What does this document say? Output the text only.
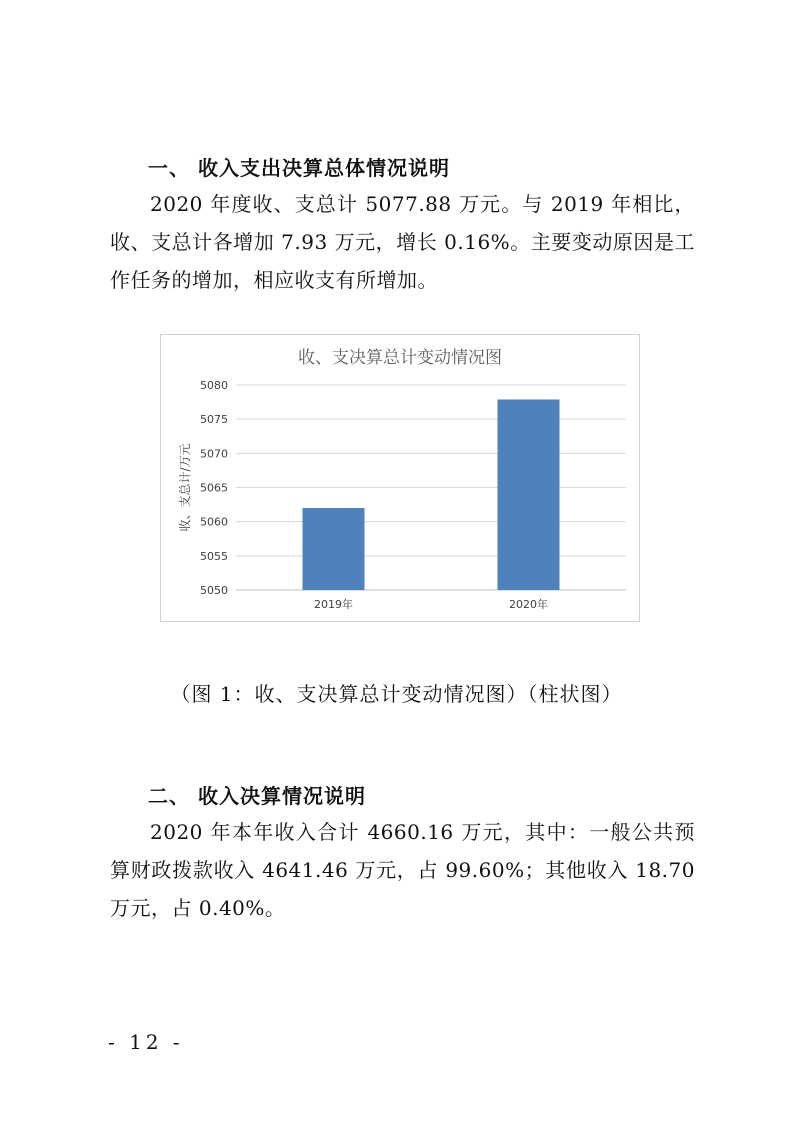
一、 收入支出决算总体情况说明

2020 年度收、支总计 5077.88 万元。与 2019 年相比，收、支总计各增加 7.93 万元，增长 0.16%。主要变动原因是工作任务的增加，相应收支有所增加。

收、支决算总计变动情况图
收、支总计/万元
5050
5055
5060
5065
5070
5075
5080
2019年	2020年
（图 1：收、支决算总计变动情况图）（柱状图）
二、 收入决算情况说明

2020 年本年收入合计 4660.16 万元，其中：一般公共预算财政拨款收入 4641.46 万元，占 99.60%；其他收入 18.70 万元，占 0.40%。

- 12 -
